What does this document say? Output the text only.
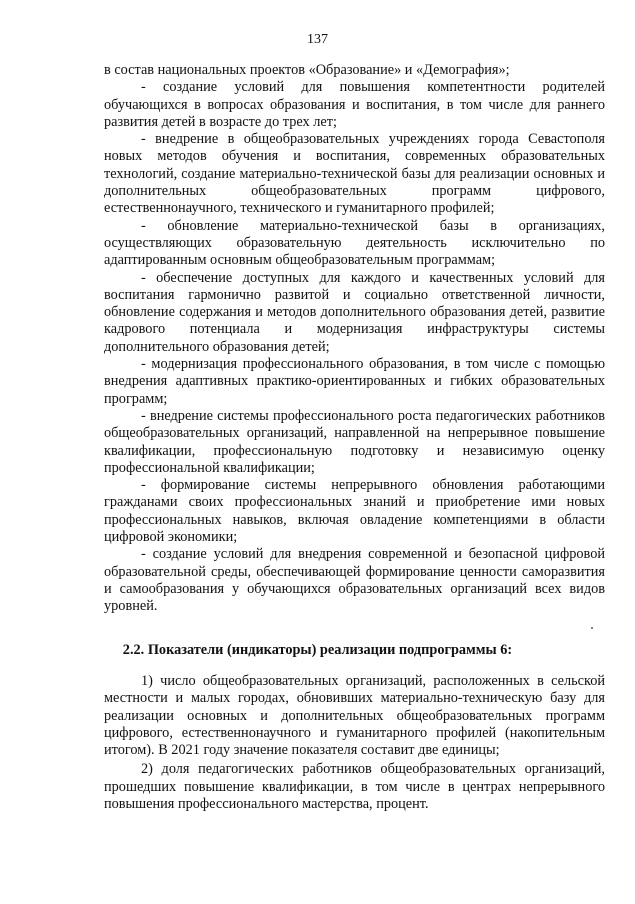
137

в состав национальных проектов «Образование» и «Демография»;

- создание условий для повышения компетентности родителей обучающихся в вопросах образования и воспитания, в том числе для раннего развития детей в возрасте до трех лет;

- внедрение в общеобразовательных учреждениях города Севастополя новых методов обучения и воспитания, современных образовательных технологий, создание материально-технической базы для реализации основных и дополнительных общеобразовательных программ цифрового, естественнонаучного, технического и гуманитарного профилей;

- обновление материально-технической базы в организациях, осуществляющих образовательную деятельность исключительно по адаптированным основным общеобразовательным программам;

- обеспечение доступных для каждого и качественных условий для воспитания гармонично развитой и социально ответственной личности, обновление содержания и методов дополнительного образования детей, развитие кадрового потенциала и модернизация инфраструктуры системы дополнительного образования детей;

- модернизация профессионального образования, в том числе с помощью внедрения адаптивных практико-ориентированных и гибких образовательных программ;

- внедрение системы профессионального роста педагогических работников общеобразовательных организаций, направленной на непрерывное повышение квалификации, профессиональную подготовку и независимую оценку профессиональной квалификации;

- формирование системы непрерывного обновления работающими гражданами своих профессиональных знаний и приобретение ими новых профессиональных навыков, включая овладение компетенциями в области цифровой экономики;

- создание условий для внедрения современной и безопасной цифровой образовательной среды, обеспечивающей формирование ценности саморазвития и самообразования у обучающихся образовательных организаций всех видов уровней.

2.2. Показатели (индикаторы) реализации подпрограммы 6:

1) число общеобразовательных организаций, расположенных в сельской местности и малых городах, обновивших материально-техническую базу для реализации основных и дополнительных общеобразовательных программ цифрового, естественнонаучного и гуманитарного профилей (накопительным итогом). В 2021 году значение показателя составит две единицы;

2) доля педагогических работников общеобразовательных организаций, прошедших повышение квалификации, в том числе в центрах непрерывного повышения профессионального мастерства, процент.
